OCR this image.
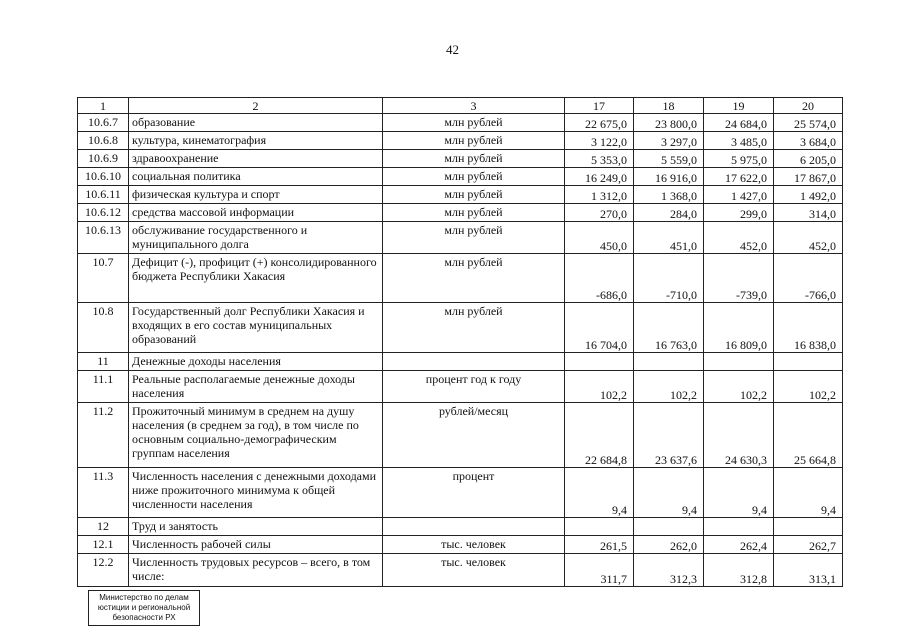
42
1	2	3	17	18	19	20
10.6.7	образование	млн рублей	22 675,0	23 800,0	24 684,0	25 574,0
10.6.8	культура, кинематография	млн рублей	3 122,0	3 297,0	3 485,0	3 684,0
10.6.9	здравоохранение	млн рублей	5 353,0	5 559,0	5 975,0	6 205,0
10.6.10	социальная политика	млн рублей	16 249,0	16 916,0	17 622,0	17 867,0
10.6.11	физическая культура и спорт	млн рублей	1 312,0	1 368,0	1 427,0	1 492,0
10.6.12	средства массовой информации	млн рублей	270,0	284,0	299,0	314,0
10.6.13	обслуживание государственного и муниципального долга	млн рублей	450,0	451,0	452,0	452,0
10.7	Дефицит (-), профицит (+) консолидированного бюджета Республики Хакасия	млн рублей	-686,0	-710,0	-739,0	-766,0
10.8	Государственный долг Республики Хакасия и входящих в его состав муниципальных образований	млн рублей	16 704,0	16 763,0	16 809,0	16 838,0
11	Денежные доходы населения					
11.1	Реальные располагаемые денежные доходы населения	процент год к году	102,2	102,2	102,2	102,2
11.2	Прожиточный минимум в среднем на душу населения (в среднем за год), в том числе по основным социально-демографическим группам населения	рублей/месяц	22 684,8	23 637,6	24 630,3	25 664,8
11.3	Численность населения с денежными доходами ниже прожиточного минимума к общей численности населения	процент	9,4	9,4	9,4	9,4
12	Труд и занятость					
12.1	Численность рабочей силы	тыс. человек	261,5	262,0	262,4	262,7
12.2	Численность трудовых ресурсов – всего, в том числе:	тыс. человек	311,7	312,3	312,8	313,1
Министерство по делам
юстиции и региональной
безопасности РХ
